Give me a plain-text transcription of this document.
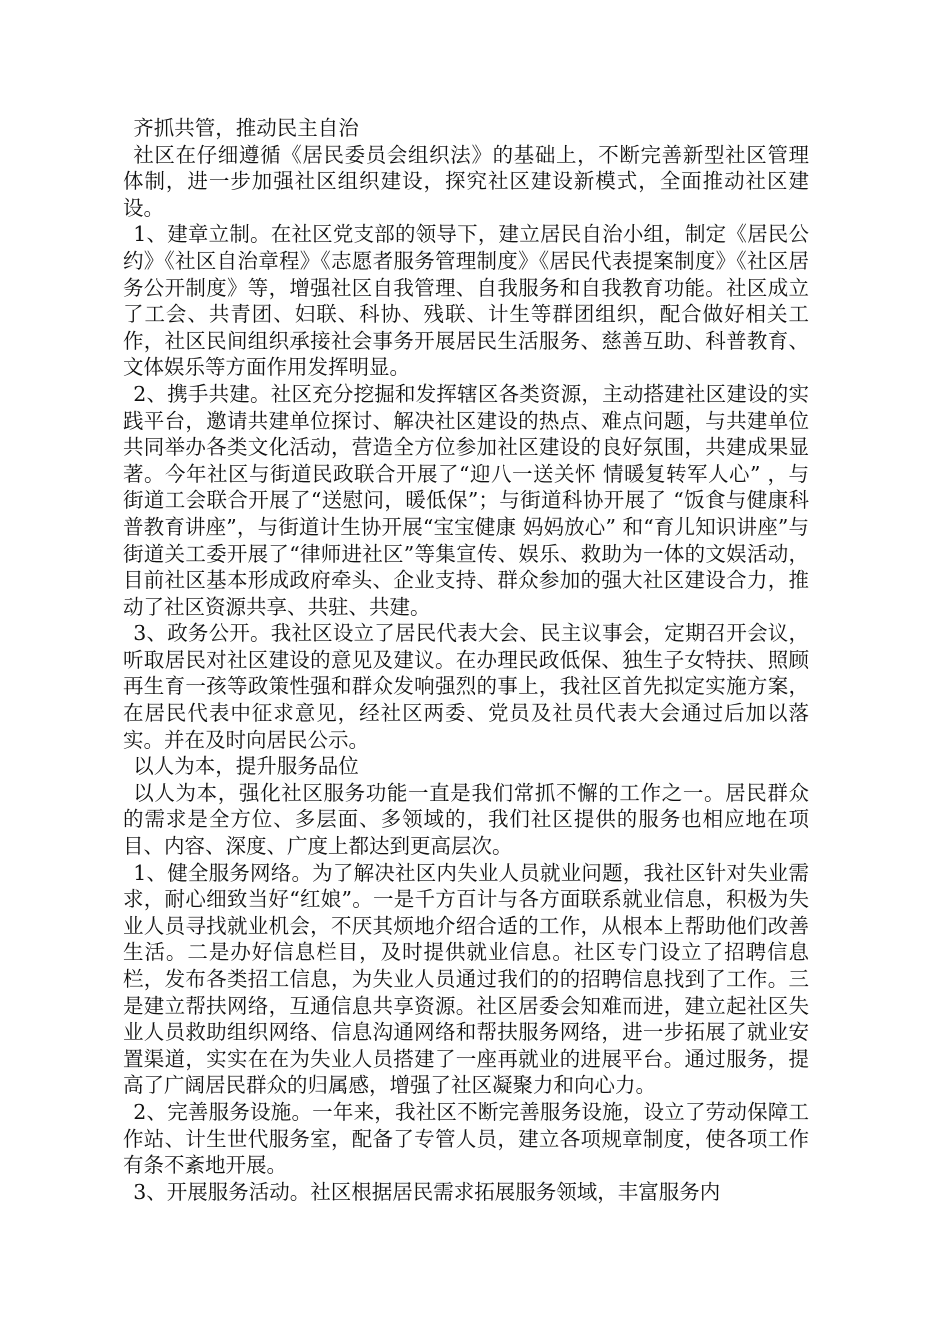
齐抓共管，推动民主自治

社区在仔细遵循《居民委员会组织法》的基础上，不断完善新型社区管理体制，进一步加强社区组织建设，探究社区建设新模式，全面推动社区建设。

1、建章立制。在社区党支部的领导下，建立居民自治小组，制定《居民公约》《社区自治章程》《志愿者服务管理制度》《居民代表提案制度》《社区居务公开制度》等，增强社区自我管理、自我服务和自我教育功能。社区成立了工会、共青团、妇联、科协、残联、计生等群团组织，配合做好相关工作，社区民间组织承接社会事务开展居民生活服务、慈善互助、科普教育、文体娱乐等方面作用发挥明显。

2、携手共建。社区充分挖掘和发挥辖区各类资源，主动搭建社区建设的实践平台，邀请共建单位探讨、解决社区建设的热点、难点问题，与共建单位共同举办各类文化活动，营造全方位参加社区建设的良好氛围，共建成果显著。今年社区与街道民政联合开展了“迎八一送关怀 情暖复转军人心” ，与街道工会联合开展了“送慰问，暖低保”；与街道科协开展了 “饭食与健康科普教育讲座”，与街道计生协开展“宝宝健康 妈妈放心” 和“育儿知识讲座”与街道关工委开展了“律师进社区”等集宣传、娱乐、救助为一体的文娱活动，目前社区基本形成政府牵头、企业支持、群众参加的强大社区建设合力，推动了社区资源共享、共驻、共建。

3、政务公开。我社区设立了居民代表大会、民主议事会，定期召开会议，听取居民对社区建设的意见及建议。在办理民政低保、独生子女特扶、照顾再生育一孩等政策性强和群众发响强烈的事上，我社区首先拟定实施方案，在居民代表中征求意见，经社区两委、党员及社员代表大会通过后加以落实。并在及时向居民公示。

以人为本，提升服务品位

以人为本，强化社区服务功能一直是我们常抓不懈的工作之一。居民群众的需求是全方位、多层面、多领域的，我们社区提供的服务也相应地在项目、内容、深度、广度上都达到更高层次。

1、健全服务网络。为了解决社区内失业人员就业问题，我社区针对失业需求，耐心细致当好“红娘”。一是千方百计与各方面联系就业信息，积极为失业人员寻找就业机会，不厌其烦地介绍合适的工作，从根本上帮助他们改善生活。二是办好信息栏目，及时提供就业信息。社区专门设立了招聘信息栏，发布各类招工信息，为失业人员通过我们的的招聘信息找到了工作。三是建立帮扶网络，互通信息共享资源。社区居委会知难而进，建立起社区失业人员救助组织网络、信息沟通网络和帮扶服务网络，进一步拓展了就业安置渠道，实实在在为失业人员搭建了一座再就业的进展平台。通过服务，提高了广阔居民群众的归属感，增强了社区凝聚力和向心力。

2、完善服务设施。一年来，我社区不断完善服务设施，设立了劳动保障工作站、计生世代服务室，配备了专管人员，建立各项规章制度，使各项工作有条不紊地开展。

3、开展服务活动。社区根据居民需求拓展服务领域，丰富服务内
